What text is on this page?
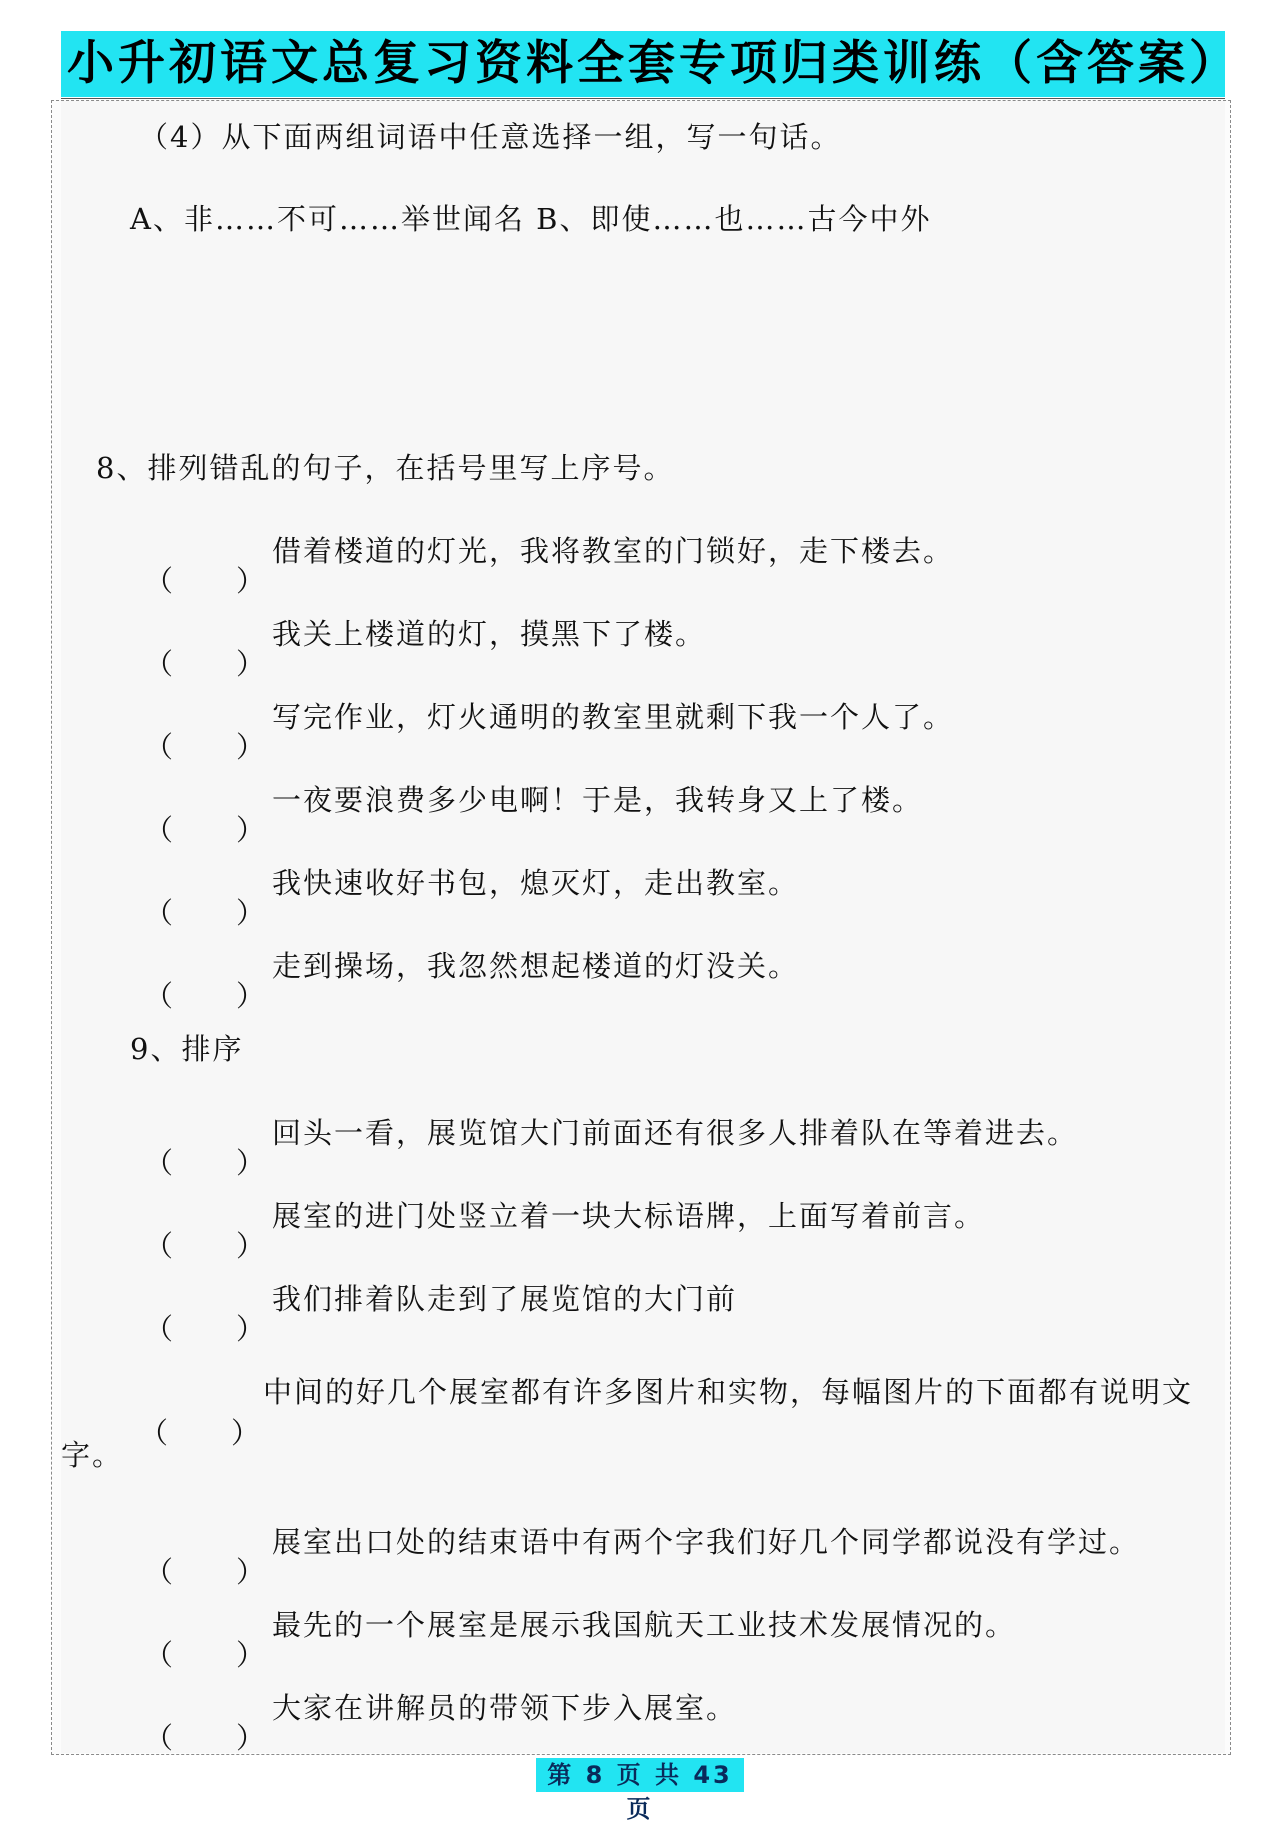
小升初语文总复习资料全套专项归类训练（含答案）
（4）从下面两组词语中任意选择一组，写一句话。
A、非……不可……举世闻名 B、即使……也……古今中外
8、排列错乱的句子，在括号里写上序号。
（ ）
借着楼道的灯光，我将教室的门锁好，走下楼去。
（ ）
我关上楼道的灯，摸黑下了楼。
（ ）
写完作业，灯火通明的教室里就剩下我一个人了。
（ ）
一夜要浪费多少电啊！于是，我转身又上了楼。
（ ）
我快速收好书包，熄灭灯，走出教室。
（ ）
走到操场，我忽然想起楼道的灯没关。
9、排序
（ ）
回头一看，展览馆大门前面还有很多人排着队在等着进去。
（ ）
展室的进门处竖立着一块大标语牌，上面写着前言。
（ ）
我们排着队走到了展览馆的大门前
（ ）
中间的好几个展室都有许多图片和实物，每幅图片的下面都有说明文字。
（ ）
展室出口处的结束语中有两个字我们好几个同学都说没有学过。
（ ）
最先的一个展室是展示我国航天工业技术发展情况的。
（ ）
大家在讲解员的带领下步入展室。
第 8 页 共 43 页
